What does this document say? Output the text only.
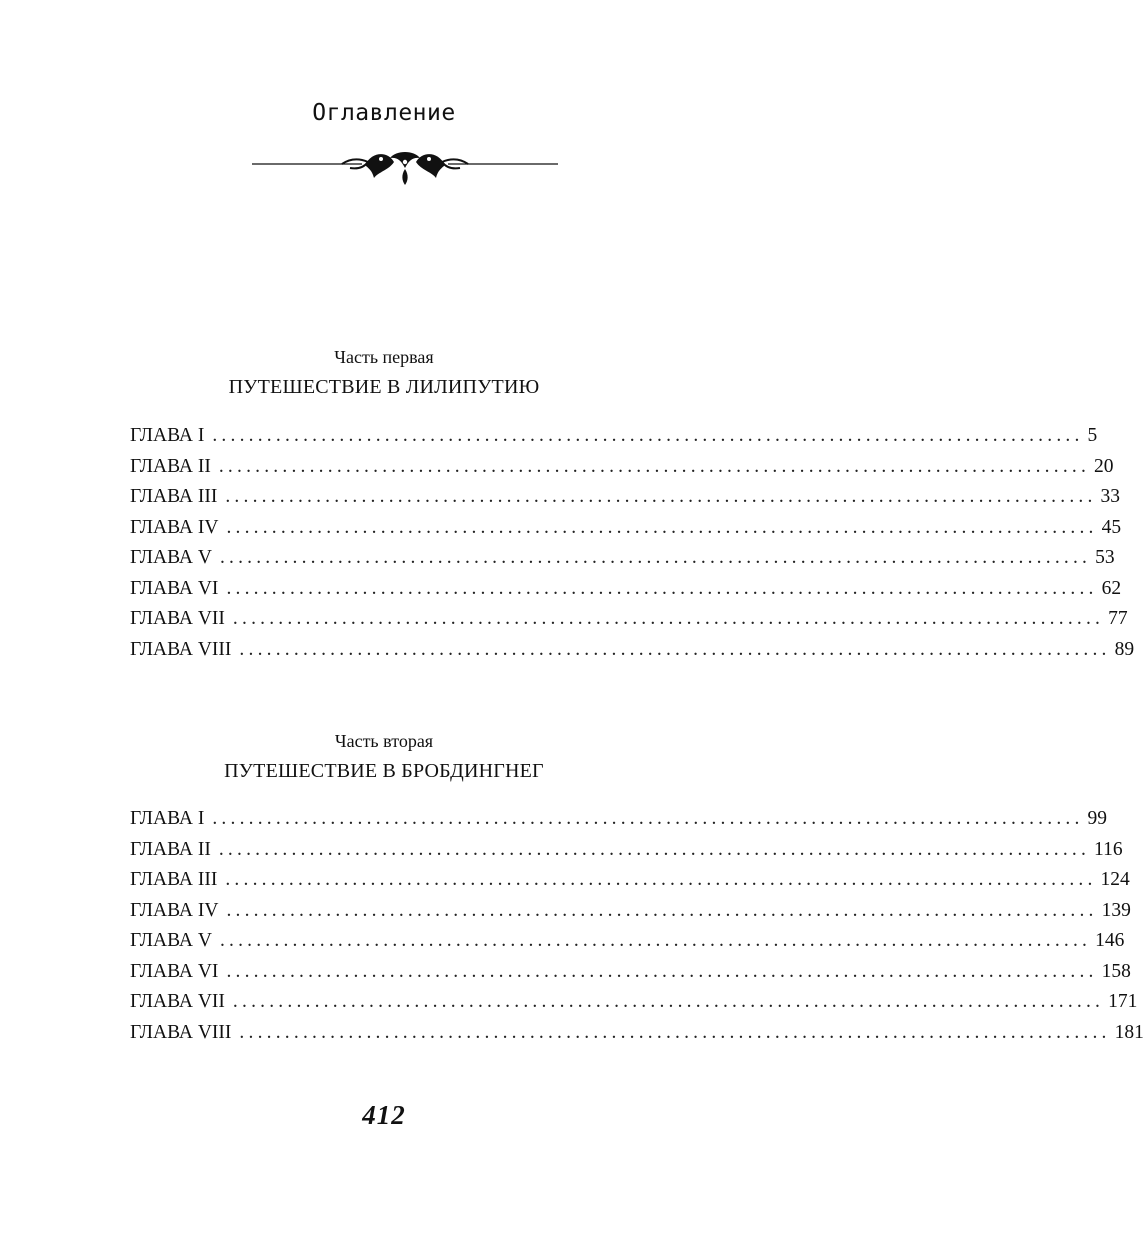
Оглавление
Часть первая
ПУТЕШЕСТВИЕ В ЛИЛИПУТИЮ
ГЛАВА I ................................................................................................ 5
ГЛАВА II ................................................................................................ 20
ГЛАВА III ................................................................................................ 33
ГЛАВА IV ................................................................................................ 45
ГЛАВА V ................................................................................................ 53
ГЛАВА VI ................................................................................................ 62
ГЛАВА VII ................................................................................................ 77
ГЛАВА VIII ................................................................................................ 89
Часть вторая
ПУТЕШЕСТВИЕ В БРОБДИНГНЕГ
ГЛАВА I ................................................................................................ 99
ГЛАВА II ................................................................................................ 116
ГЛАВА III ................................................................................................ 124
ГЛАВА IV ................................................................................................ 139
ГЛАВА V ................................................................................................ 146
ГЛАВА VI ................................................................................................ 158
ГЛАВА VII ................................................................................................ 171
ГЛАВА VIII ................................................................................................ 181
412
